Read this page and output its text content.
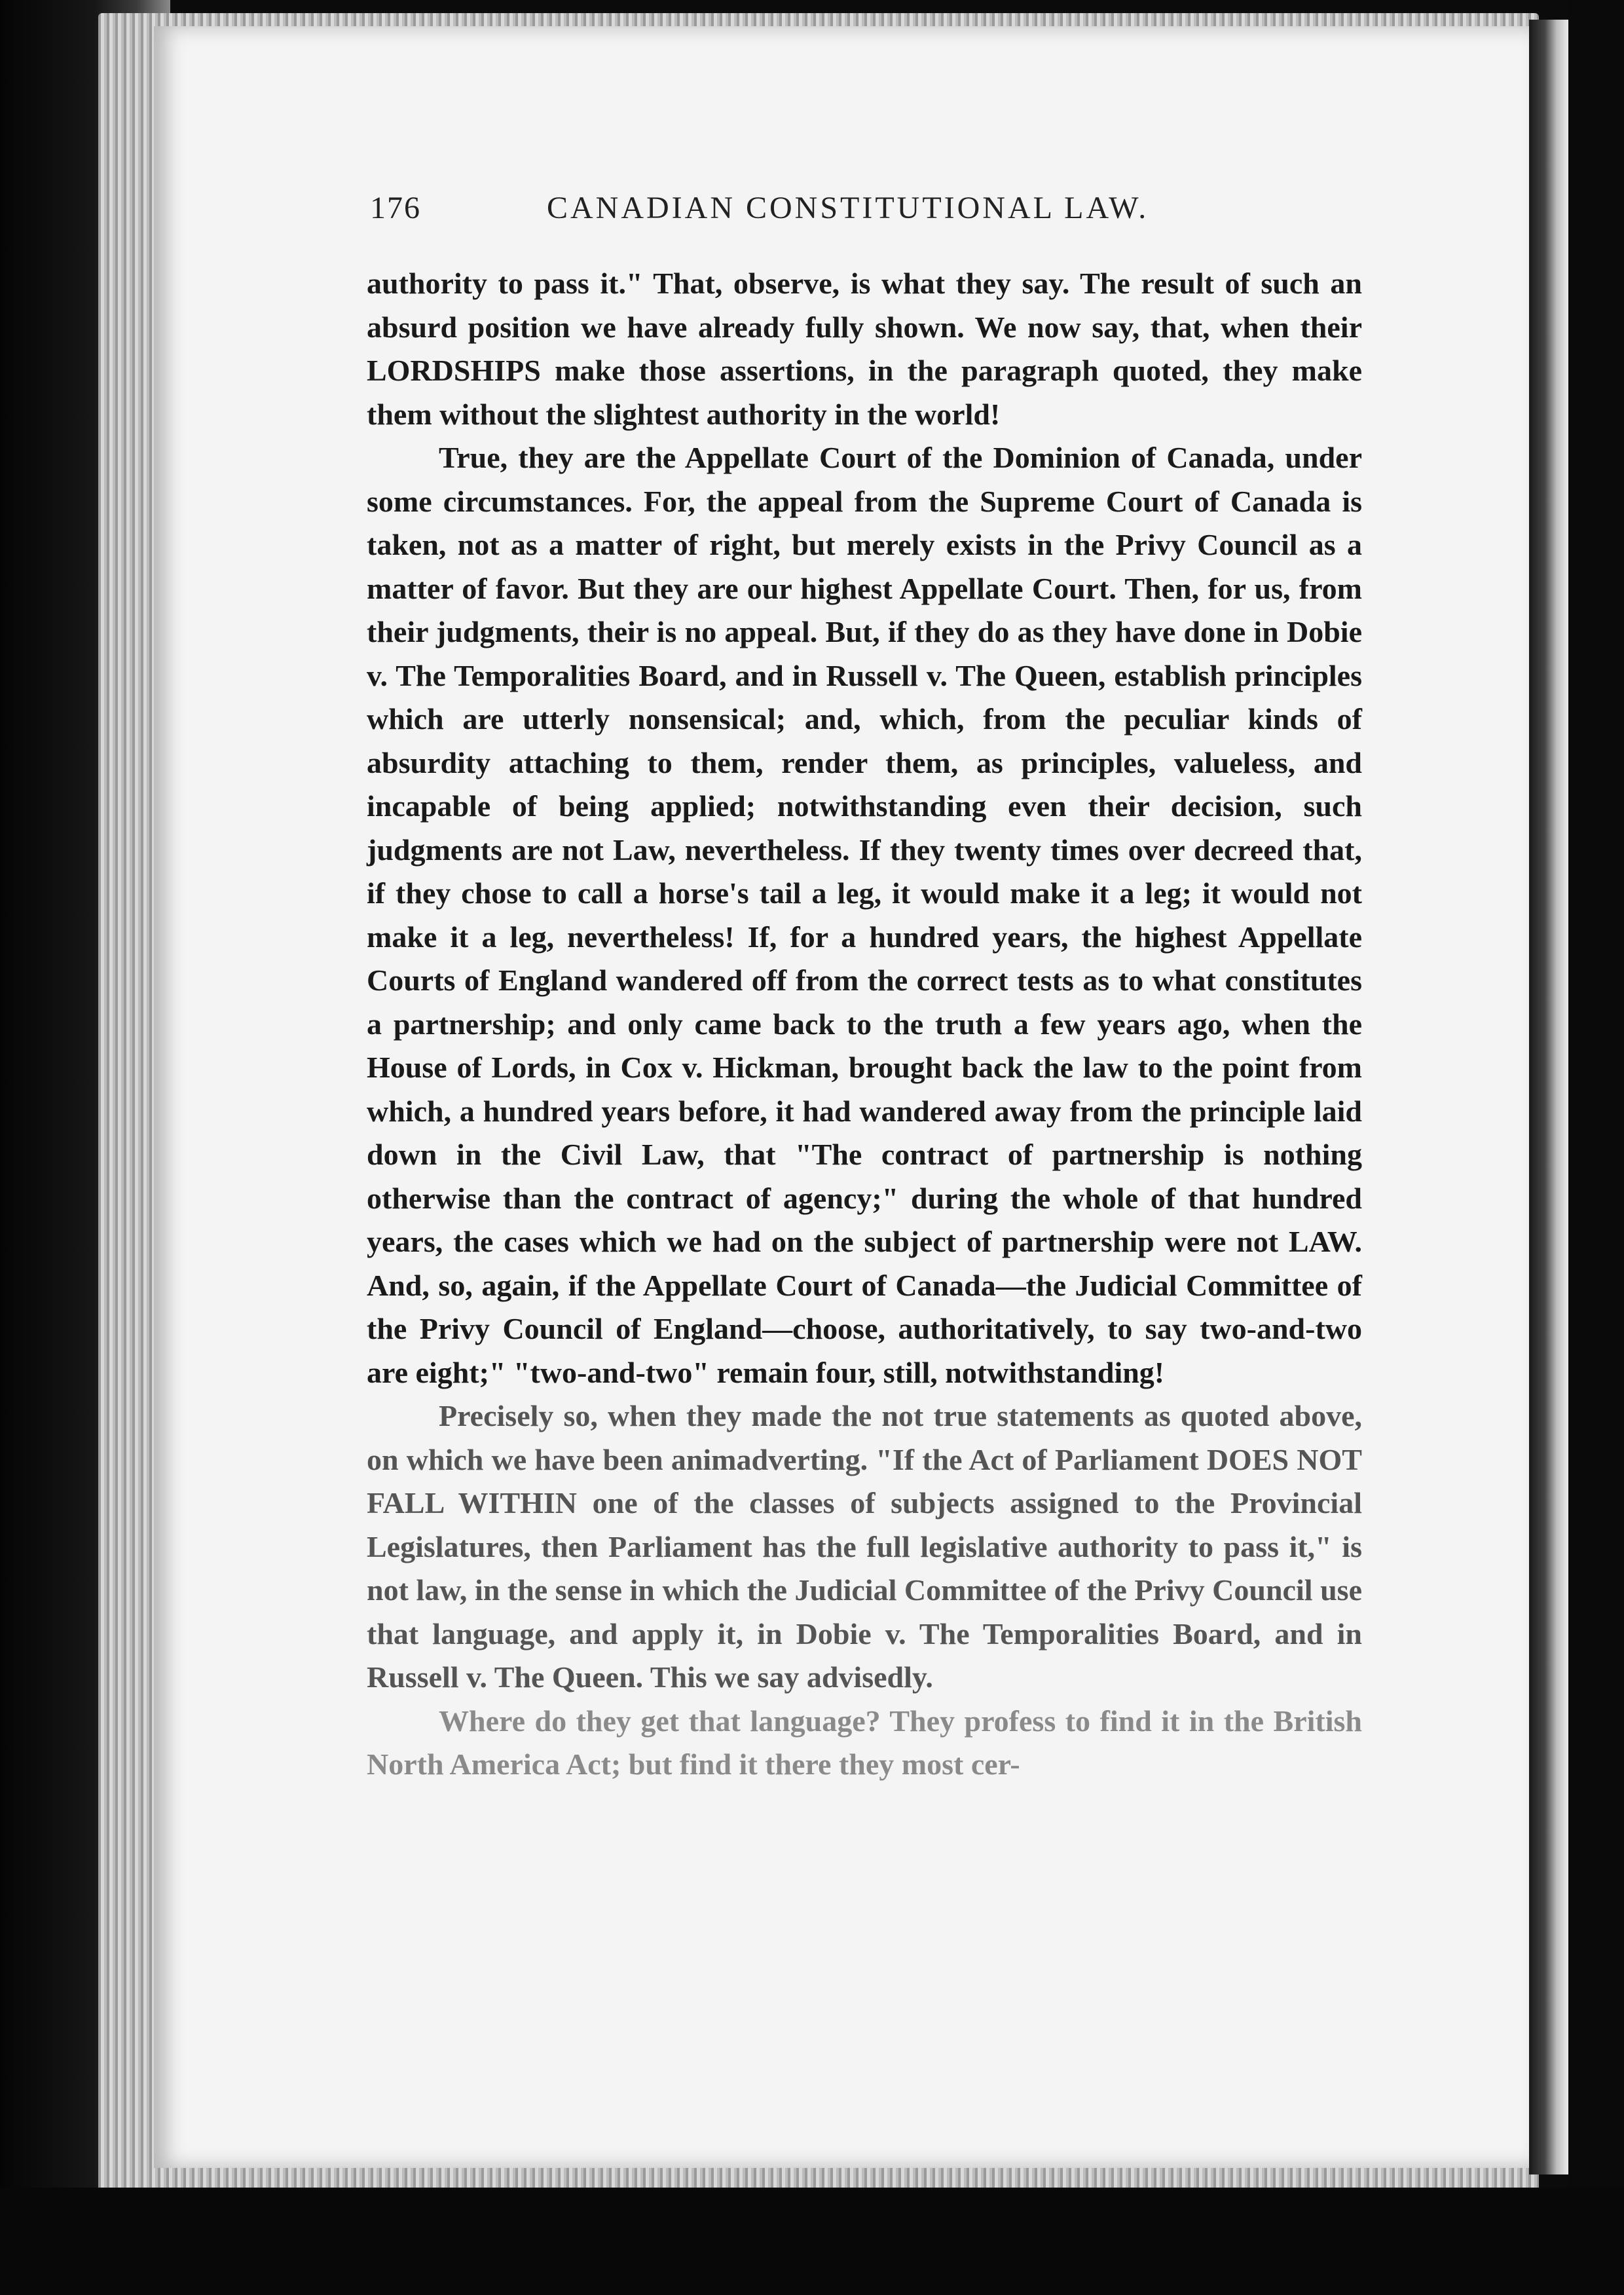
176	CANADIAN CONSTITUTIONAL LAW.

authority to pass it." That, observe, is what they say. The result of such an absurd position we have already fully shown. We now say, that, when their LORDSHIPS make those assertions, in the paragraph quoted, they make them without the slightest authority in the world!

True, they are the Appellate Court of the Dominion of Canada, under some circumstances. For, the appeal from the Supreme Court of Canada is taken, not as a matter of right, but merely exists in the Privy Council as a matter of favor. But they are our highest Appellate Court. Then, for us, from their judgments, their is no appeal. But, if they do as they have done in Dobie v. The Temporalities Board, and in Russell v. The Queen, establish principles which are utterly nonsensical; and, which, from the peculiar kinds of absurdity attaching to them, render them, as principles, valueless, and incapable of being applied; notwithstanding even their decision, such judgments are not Law, nevertheless. If they twenty times over decreed that, if they chose to call a horse's tail a leg, it would make it a leg; it would not make it a leg, nevertheless! If, for a hundred years, the highest Appellate Courts of England wandered off from the correct tests as to what constitutes a partnership; and only came back to the truth a few years ago, when the House of Lords, in Cox v. Hickman, brought back the law to the point from which, a hundred years before, it had wandered away from the principle laid down in the Civil Law, that "The contract of partnership is nothing otherwise than the contract of agency;" during the whole of that hundred years, the cases which we had on the subject of partnership were not LAW. And, so, again, if the Appellate Court of Canada—the Judicial Committee of the Privy Council of England—choose, authoritatively, to say two-and-two are eight;" "two-and-two" remain four, still, notwithstanding!

Precisely so, when they made the not true statements as quoted above, on which we have been animadverting. "If the Act of Parliament DOES NOT FALL WITHIN one of the classes of subjects assigned to the Provincial Legislatures, then Parliament has the full legislative authority to pass it," is not law, in the sense in which the Judicial Committee of the Privy Council use that language, and apply it, in Dobie v. The Temporalities Board, and in Russell v. The Queen. This we say advisedly.

Where do they get that language? They profess to find it in the British North America Act; but find it there they most cer-
